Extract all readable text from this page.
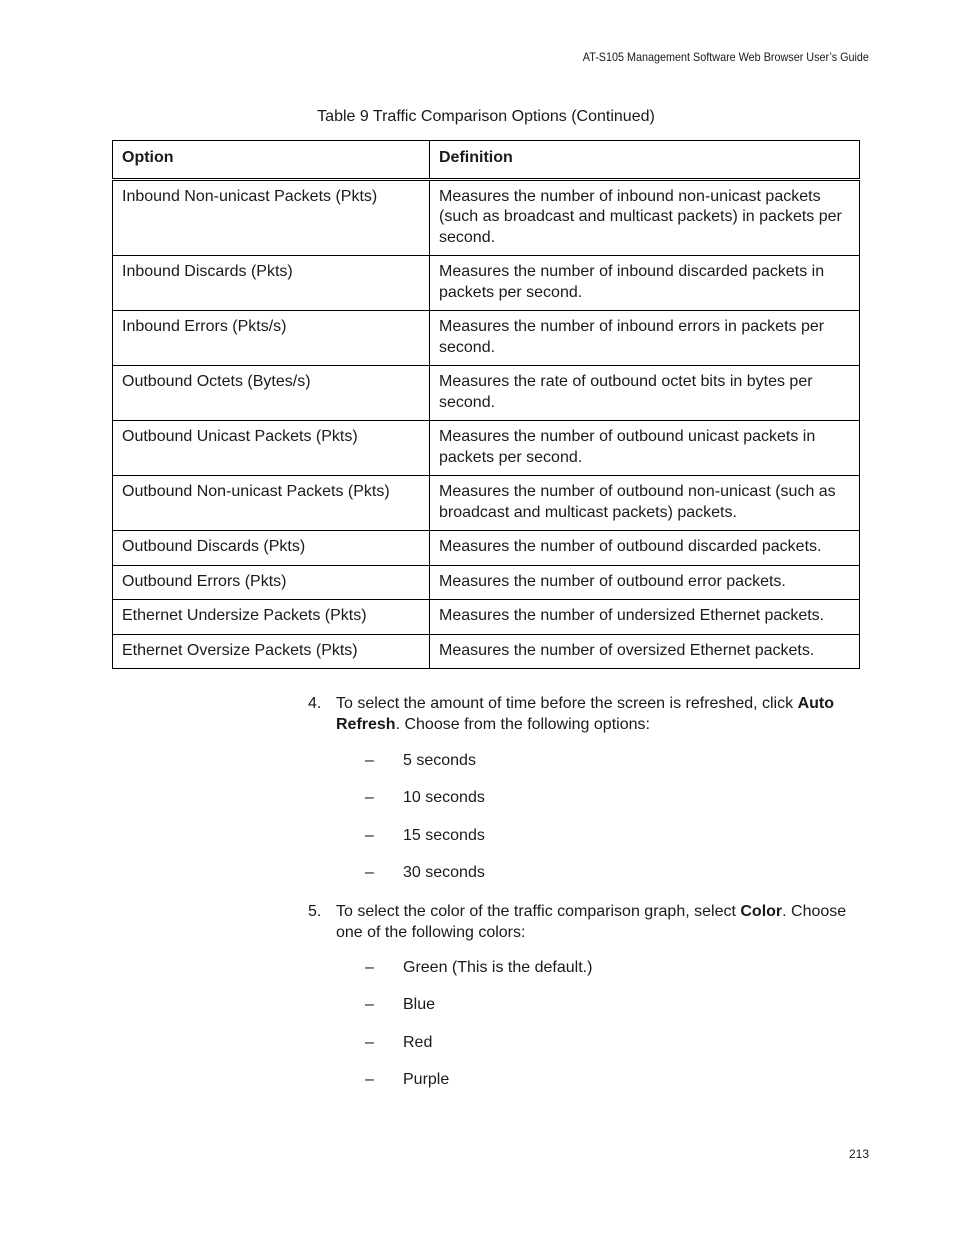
AT-S105 Management Software Web Browser User’s Guide
Table 9 Traffic Comparison Options (Continued)
Option	Definition
Inbound Non-unicast Packets (Pkts)	Measures the number of inbound non-unicast packets (such as broadcast and multicast packets) in packets per second.
Inbound Discards (Pkts)	Measures the number of inbound discarded packets in packets per second.
Inbound Errors (Pkts/s)	Measures the number of inbound errors in packets per second.
Outbound Octets (Bytes/s)	Measures the rate of outbound octet bits in bytes per second.
Outbound Unicast Packets (Pkts)	Measures the number of outbound unicast packets in packets per second.
Outbound Non-unicast Packets (Pkts)	Measures the number of outbound non-unicast (such as broadcast and multicast packets) packets.
Outbound Discards (Pkts)	Measures the number of outbound discarded packets.
Outbound Errors (Pkts)	Measures the number of outbound error packets.
Ethernet Undersize Packets (Pkts)	Measures the number of undersized Ethernet packets.
Ethernet Oversize Packets (Pkts)	Measures the number of oversized Ethernet packets.
4. To select the amount of time before the screen is refreshed, click Auto Refresh. Choose from the following options:
– 5 seconds
– 10 seconds
– 15 seconds
– 30 seconds
5. To select the color of the traffic comparison graph, select Color. Choose one of the following colors:
– Green (This is the default.)
– Blue
– Red
– Purple
213
